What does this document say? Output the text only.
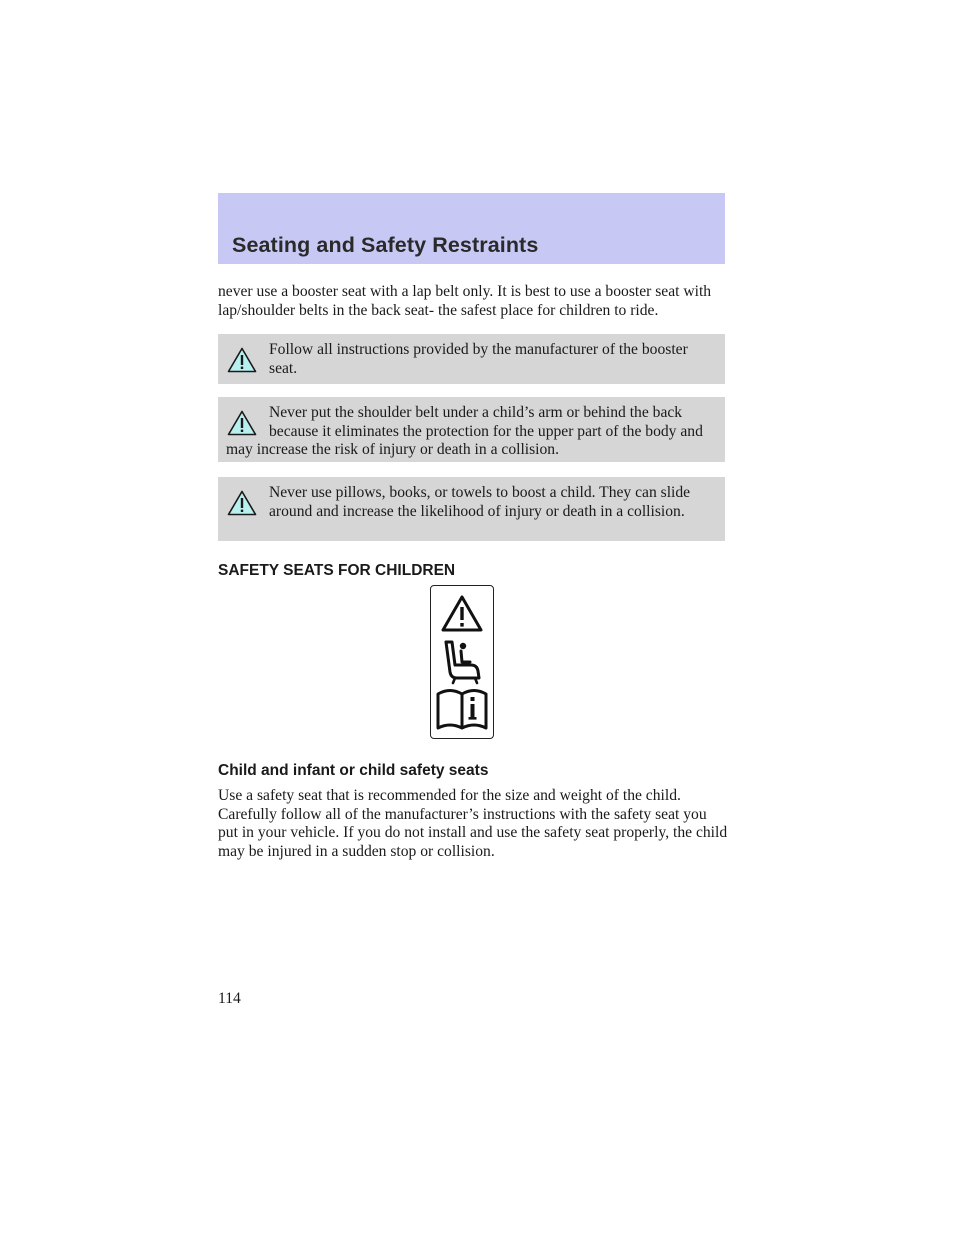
Seating and Safety Restraints

never use a booster seat with a lap belt only. It is best to use a booster seat with lap/shoulder belts in the back seat- the safest place for children to ride.

Follow all instructions provided by the manufacturer of the booster seat.

Never put the shoulder belt under a child’s arm or behind the back because it eliminates the protection for the upper part of the body and may increase the risk of injury or death in a collision.

Never use pillows, books, or towels to boost a child. They can slide around and increase the likelihood of injury or death in a collision.

SAFETY SEATS FOR CHILDREN
Child and infant or child safety seats

Use a safety seat that is recommended for the size and weight of the child. Carefully follow all of the manufacturer’s instructions with the safety seat you put in your vehicle. If you do not install and use the safety seat properly, the child may be injured in a sudden stop or collision.

114
